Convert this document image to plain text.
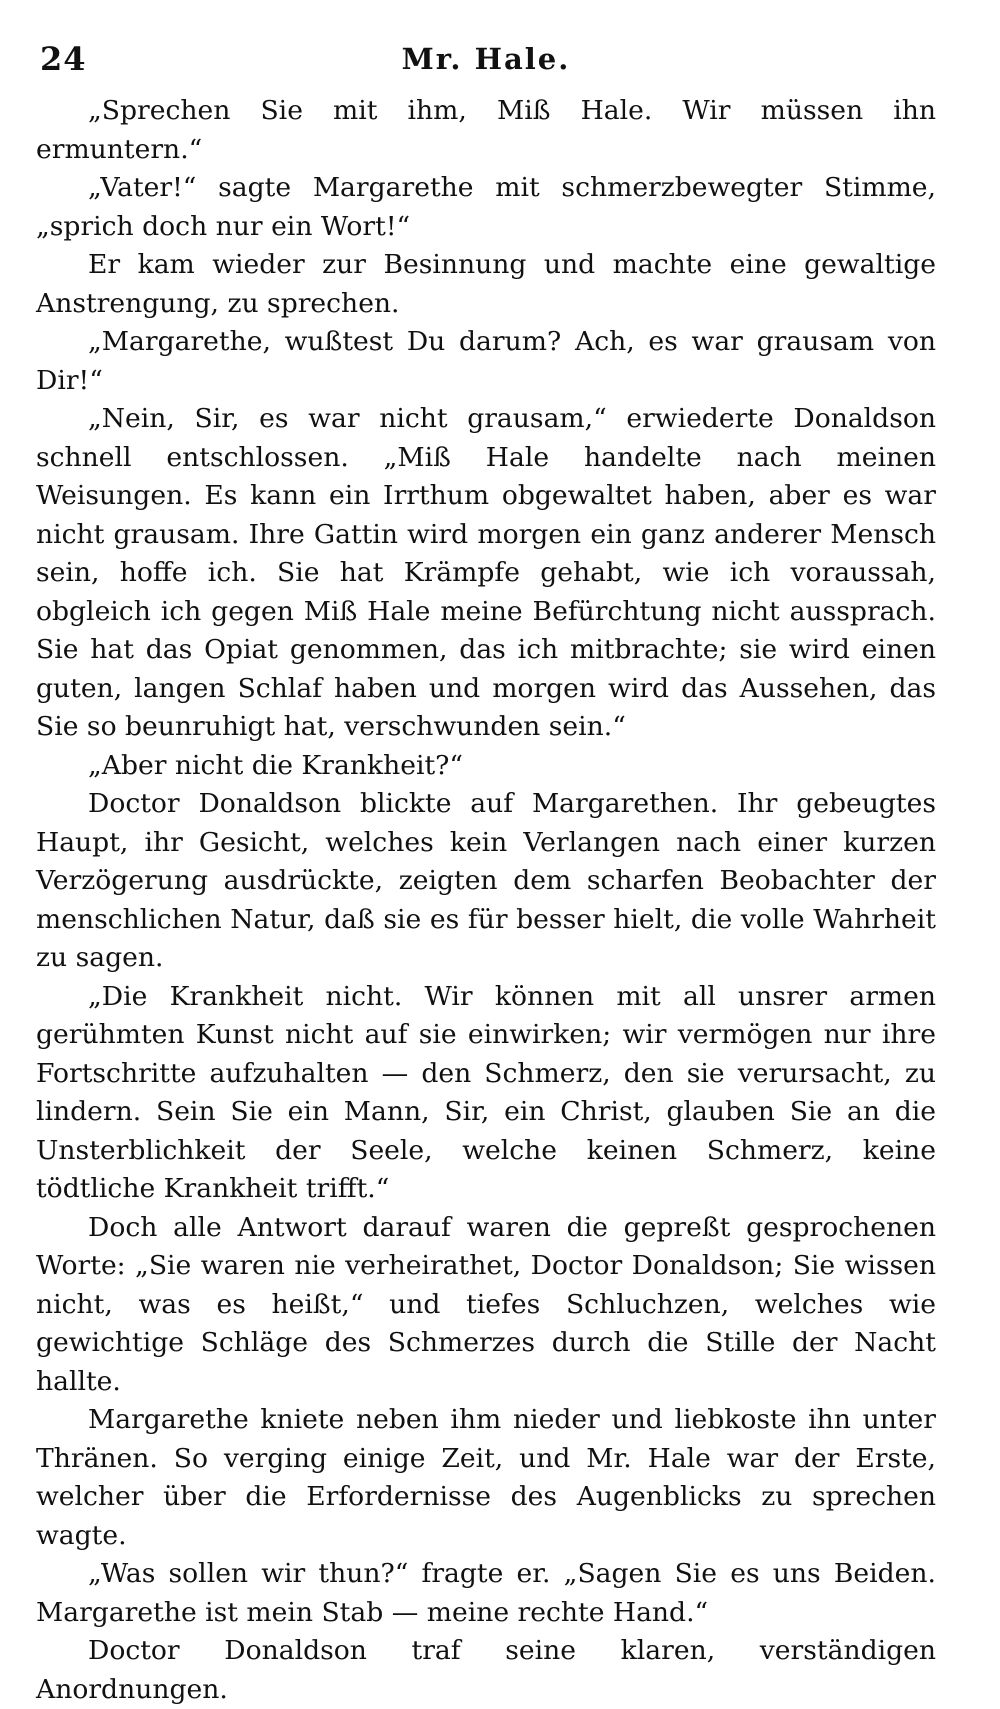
24	Mr. Hale.

„Sprechen Sie mit ihm, Miß Hale. Wir müssen ihn ermuntern.“

„Vater!“ sagte Margarethe mit schmerzbewegter Stimme, „sprich doch nur ein Wort!“

Er kam wieder zur Besinnung und machte eine gewaltige Anstrengung, zu sprechen.

„Margarethe, wußtest Du darum? Ach, es war grausam von Dir!“

„Nein, Sir, es war nicht grausam,“ erwiederte Donaldson schnell entschlossen. „Miß Hale handelte nach meinen Weisungen. Es kann ein Irrthum obgewaltet haben, aber es war nicht grausam. Ihre Gattin wird morgen ein ganz anderer Mensch sein, hoffe ich. Sie hat Krämpfe gehabt, wie ich voraussah, obgleich ich gegen Miß Hale meine Befürchtung nicht aussprach. Sie hat das Opiat genommen, das ich mitbrachte; sie wird einen guten, langen Schlaf haben und morgen wird das Aussehen, das Sie so beunruhigt hat, verschwunden sein.“

„Aber nicht die Krankheit?“

Doctor Donaldson blickte auf Margarethen. Ihr gebeugtes Haupt, ihr Gesicht, welches kein Verlangen nach einer kurzen Verzögerung ausdrückte, zeigten dem scharfen Beobachter der menschlichen Natur, daß sie es für besser hielt, die volle Wahrheit zu sagen.

„Die Krankheit nicht. Wir können mit all unsrer armen gerühmten Kunst nicht auf sie einwirken; wir vermögen nur ihre Fortschritte aufzuhalten — den Schmerz, den sie verursacht, zu lindern. Sein Sie ein Mann, Sir, ein Christ, glauben Sie an die Unsterblichkeit der Seele, welche keinen Schmerz, keine tödtliche Krankheit trifft.“

Doch alle Antwort darauf waren die gepreßt gesprochenen Worte: „Sie waren nie verheirathet, Doctor Donaldson; Sie wissen nicht, was es heißt,“ und tiefes Schluchzen, welches wie gewichtige Schläge des Schmerzes durch die Stille der Nacht hallte.

Margarethe kniete neben ihm nieder und liebkoste ihn unter Thränen. So verging einige Zeit, und Mr. Hale war der Erste, welcher über die Erfordernisse des Augenblicks zu sprechen wagte.

„Was sollen wir thun?“ fragte er. „Sagen Sie es uns Beiden. Margarethe ist mein Stab — meine rechte Hand.“

Doctor Donaldson traf seine klaren, verständigen Anordnungen.
